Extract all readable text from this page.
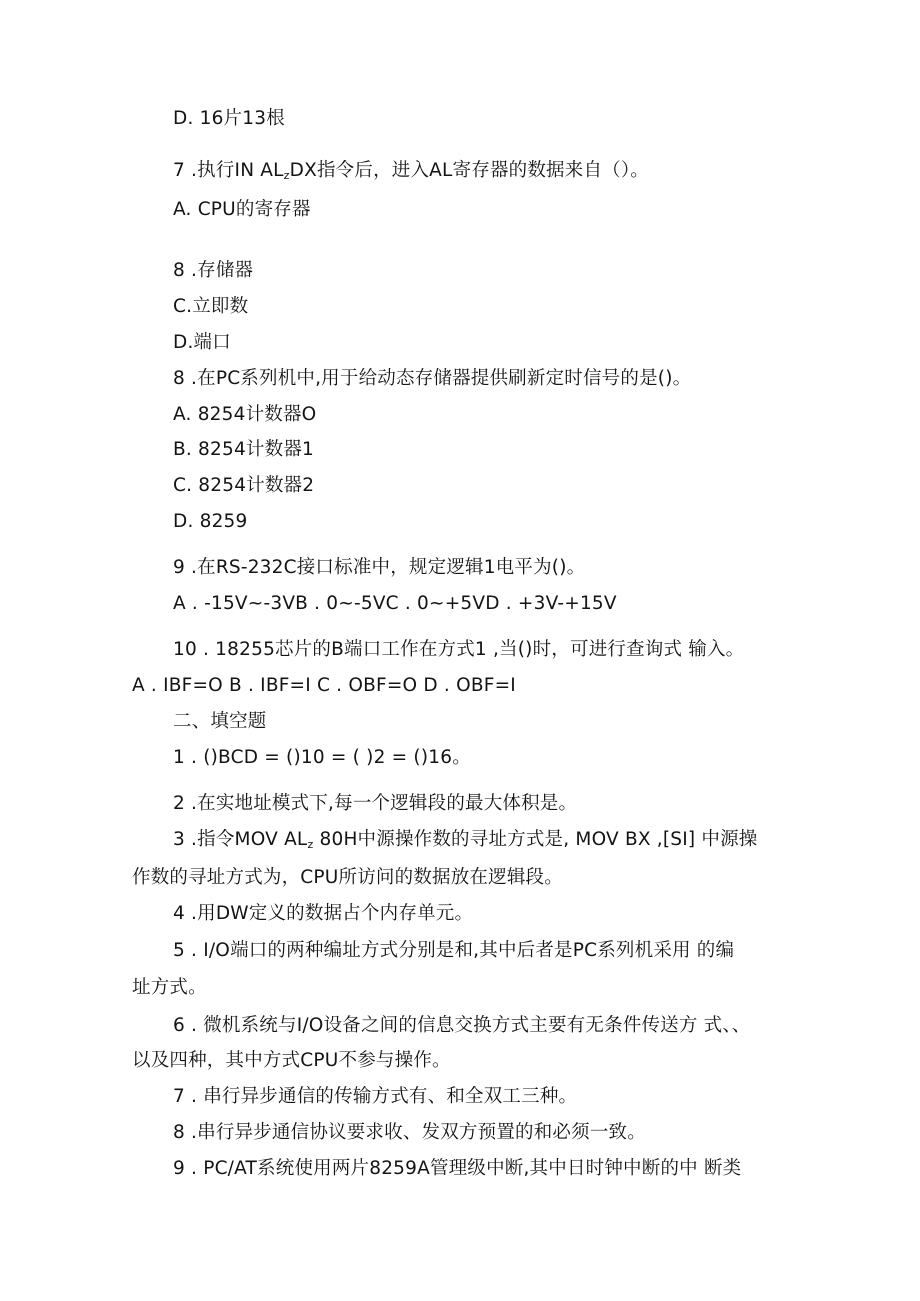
D. 16片13根
7 .执行IN $AL_zDX$指令后，进入AL寄存器的数据来自（）。
A. CPU的寄存器
8 .存储器
C.立即数
D.端口
8 .在PC系列机中,用于给动态存储器提供刷新定时信号的是()。
A. 8254计数器O
B. 8254计数器1
C. 8254计数器2
D. 8259
9 .在RS-232C接口标准中，规定逻辑1电平为()。
A . -15V~-3VB . 0~-5VC . 0~+5VD . +3V-+15V
10 . 18255芯片的B端口工作在方式1 ,当()时，可进行查询式 输入。
A . IBF=O B . IBF=I C . OBF=O D . OBF=I
二、填空题
1 . ()BCD = ()10 = ( )2 = ()16。
2 .在实地址模式下,每一个逻辑段的最大体积是。
3 .指令MOV $AL_z$ 80H中源操作数的寻址方式是, MOV BX ,[SI] 中源操
作数的寻址方式为，CPU所访问的数据放在逻辑段。
4 .用DW定义的数据占个内存单元。
5 . I/O端口的两种编址方式分别是和,其中后者是PC系列机采用 的编
址方式。
6 . 微机系统与I/O设备之间的信息交换方式主要有无条件传送方 式、、
以及四种，其中方式CPU不参与操作。
7 . 串行异步通信的传输方式有、和全双工三种。
8 .串行异步通信协议要求收、发双方预置的和必须一致。
9 . PC/AT系统使用两片8259A管理级中断,其中日时钟中断的中 断类
